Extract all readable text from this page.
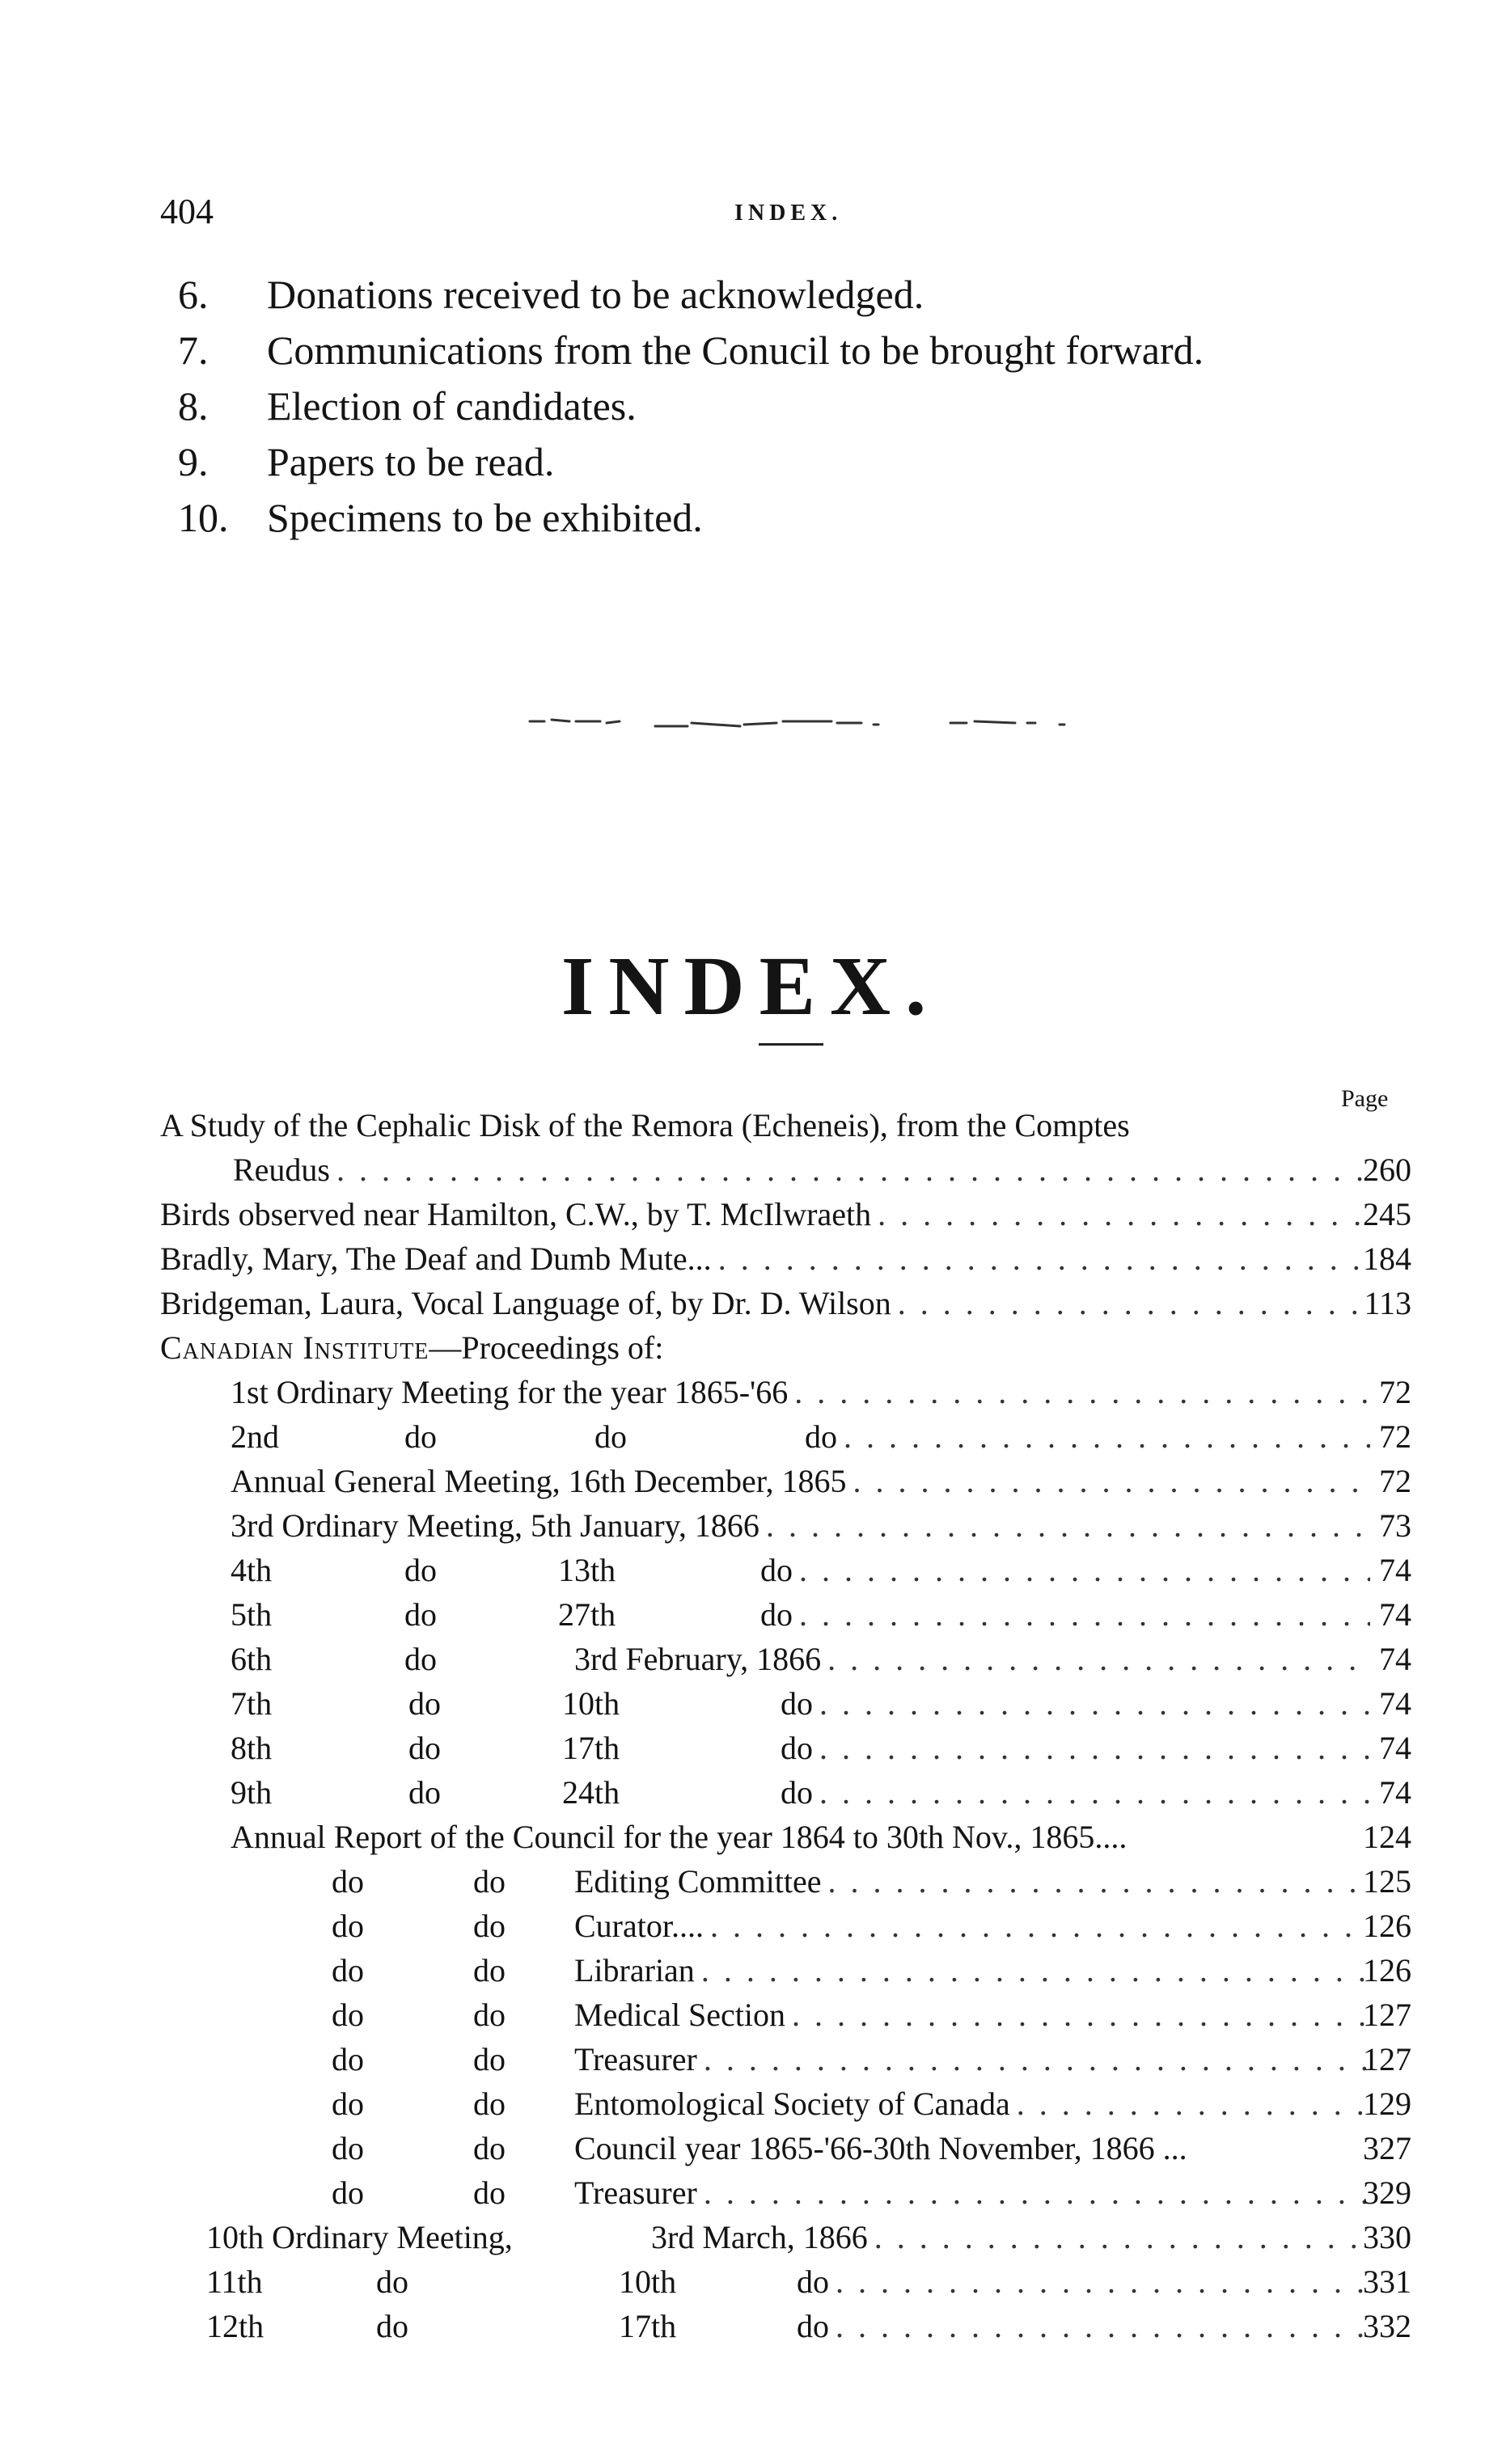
404	INDEX.
6. Donations received to be acknowledged.
7. Communications from the Conucil to be brought forward.
8. Election of candidates.
9. Papers to be read.
10. Specimens to be exhibited.
INDEX.
Page
A Study of the Cephalic Disk of the Remora (Echeneis), from the Comptes
Reudus . . .	260
Birds observed near Hamilton, C.W., by T. McIlwraeth . . .	245
Bradly, Mary, The Deaf and Dumb Mute... . . .	184
Bridgeman, Laura, Vocal Language of, by Dr. D. Wilson . . .	113
Canadian Institute—Proceedings of:
1st Ordinary Meeting for the year 1865-'66 . . .	72
2nd	do	do	do . . .	72
Annual General Meeting, 16th December, 1865 . . .	72
3rd Ordinary Meeting, 5th January, 1866 . . .	73
4th	do	13th	do . . .	74
5th	do	27th	do . . .	74
6th	do	3rd February, 1866 . . .	74
7th	do	10th	do . . .	74
8th	do	17th	do . . .	74
9th	do	24th	do . . .	74
Annual Report of the Council for the year 1864 to 30th Nov., 1865....	124
do	do Editing Committee . . .	125
do	do Curator.... . . .	126
do	do Librarian . . .	126
do	do Medical Section . . .	127
do	do Treasurer . . .	127
do	do Entomological Society of Canada . . .	129
do	do Council year 1865-'66-30th November, 1866 ...	327
do	do Treasurer . . .	329
10th Ordinary Meeting,	3rd March, 1866 . . .	330
11th	do	10th	do . . .	331
12th	do	17th	do . . .	332
